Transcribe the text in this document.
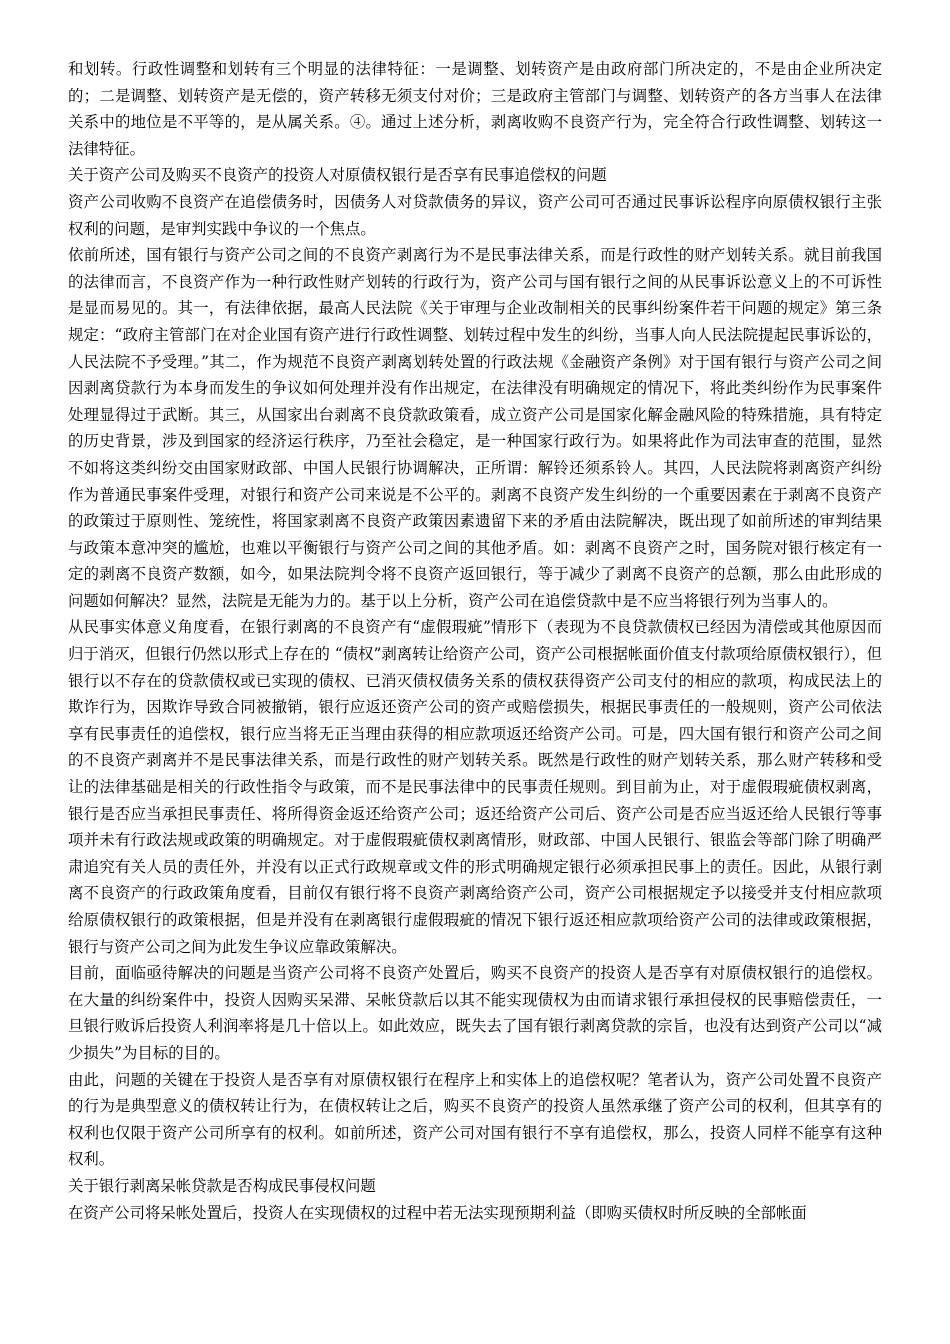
和划转。行政性调整和划转有三个明显的法律特征：一是调整、划转资产是由政府部门所决定的，不是由企业所决定的；二是调整、划转资产是无偿的，资产转移无须支付对价；三是政府主管部门与调整、划转资产的各方当事人在法律关系中的地位是不平等的，是从属关系。④。通过上述分析，剥离收购不良资产行为，完全符合行政性调整、划转这一法律特征。

关于资产公司及购买不良资产的投资人对原债权银行是否享有民事追偿权的问题

资产公司收购不良资产在追偿债务时，因债务人对贷款债务的异议，资产公司可否通过民事诉讼程序向原债权银行主张权利的问题，是审判实践中争议的一个焦点。

依前所述，国有银行与资产公司之间的不良资产剥离行为不是民事法律关系，而是行政性的财产划转关系。就目前我国的法律而言，不良资产作为一种行政性财产划转的行政行为，资产公司与国有银行之间的从民事诉讼意义上的不可诉性是显而易见的。其一，有法律依据，最高人民法院《关于审理与企业改制相关的民事纠纷案件若干问题的规定》第三条规定：“政府主管部门在对企业国有资产进行行政性调整、划转过程中发生的纠纷，当事人向人民法院提起民事诉讼的，人民法院不予受理。”其二，作为规范不良资产剥离划转处置的行政法规《金融资产条例》对于国有银行与资产公司之间因剥离贷款行为本身而发生的争议如何处理并没有作出规定，在法律没有明确规定的情况下，将此类纠纷作为民事案件处理显得过于武断。其三，从国家出台剥离不良贷款政策看，成立资产公司是国家化解金融风险的特殊措施，具有特定的历史背景，涉及到国家的经济运行秩序，乃至社会稳定，是一种国家行政行为。如果将此作为司法审查的范围，显然不如将这类纠纷交由国家财政部、中国人民银行协调解决，正所谓：解铃还须系铃人。其四，人民法院将剥离资产纠纷作为普通民事案件受理，对银行和资产公司来说是不公平的。剥离不良资产发生纠纷的一个重要因素在于剥离不良资产的政策过于原则性、笼统性，将国家剥离不良资产政策因素遗留下来的矛盾由法院解决，既出现了如前所述的审判结果与政策本意冲突的尴尬，也难以平衡银行与资产公司之间的其他矛盾。如：剥离不良资产之时，国务院对银行核定有一定的剥离不良资产数额，如今，如果法院判令将不良资产返回银行，等于减少了剥离不良资产的总额，那么由此形成的问题如何解决？显然，法院是无能为力的。基于以上分析，资产公司在追偿贷款中是不应当将银行列为当事人的。

从民事实体意义角度看，在银行剥离的不良资产有“虚假瑕疵”情形下（表现为不良贷款债权已经因为清偿或其他原因而归于消灭，但银行仍然以形式上存在的 “债权”剥离转让给资产公司，资产公司根据帐面价值支付款项给原债权银行），但银行以不存在的贷款债权或已实现的债权、已消灭债权债务关系的债权获得资产公司支付的相应的款项，构成民法上的欺诈行为，因欺诈导致合同被撤销，银行应返还资产公司的资产或赔偿损失，根据民事责任的一般规则，资产公司依法享有民事责任的追偿权，银行应当将无正当理由获得的相应款项返还给资产公司。可是，四大国有银行和资产公司之间的不良资产剥离并不是民事法律关系，而是行政性的财产划转关系。既然是行政性的财产划转关系，那么财产转移和受让的法律基础是相关的行政性指令与政策，而不是民事法律中的民事责任规则。到目前为止，对于虚假瑕疵债权剥离，银行是否应当承担民事责任、将所得资金返还给资产公司；返还给资产公司后、资产公司是否应当返还给人民银行等事项并未有行政法规或政策的明确规定。对于虚假瑕疵债权剥离情形，财政部、中国人民银行、银监会等部门除了明确严肃追究有关人员的责任外，并没有以正式行政规章或文件的形式明确规定银行必须承担民事上的责任。因此，从银行剥离不良资产的行政政策角度看，目前仅有银行将不良资产剥离给资产公司，资产公司根据规定予以接受并支付相应款项给原债权银行的政策根据，但是并没有在剥离银行虚假瑕疵的情况下银行返还相应款项给资产公司的法律或政策根据，银行与资产公司之间为此发生争议应靠政策解决。

目前，面临亟待解决的问题是当资产公司将不良资产处置后，购买不良资产的投资人是否享有对原债权银行的追偿权。在大量的纠纷案件中，投资人因购买呆滞、呆帐贷款后以其不能实现债权为由而请求银行承担侵权的民事赔偿责任，一旦银行败诉后投资人利润率将是几十倍以上。如此效应，既失去了国有银行剥离贷款的宗旨，也没有达到资产公司以“减少损失”为目标的目的。

由此，问题的关键在于投资人是否享有对原债权银行在程序上和实体上的追偿权呢？笔者认为，资产公司处置不良资产的行为是典型意义的债权转让行为，在债权转让之后，购买不良资产的投资人虽然承继了资产公司的权利，但其享有的权利也仅限于资产公司所享有的权利。如前所述，资产公司对国有银行不享有追偿权，那么，投资人同样不能享有这种权利。

关于银行剥离呆帐贷款是否构成民事侵权问题

在资产公司将呆帐处置后，投资人在实现债权的过程中若无法实现预期利益（即购买债权时所反映的全部帐面
